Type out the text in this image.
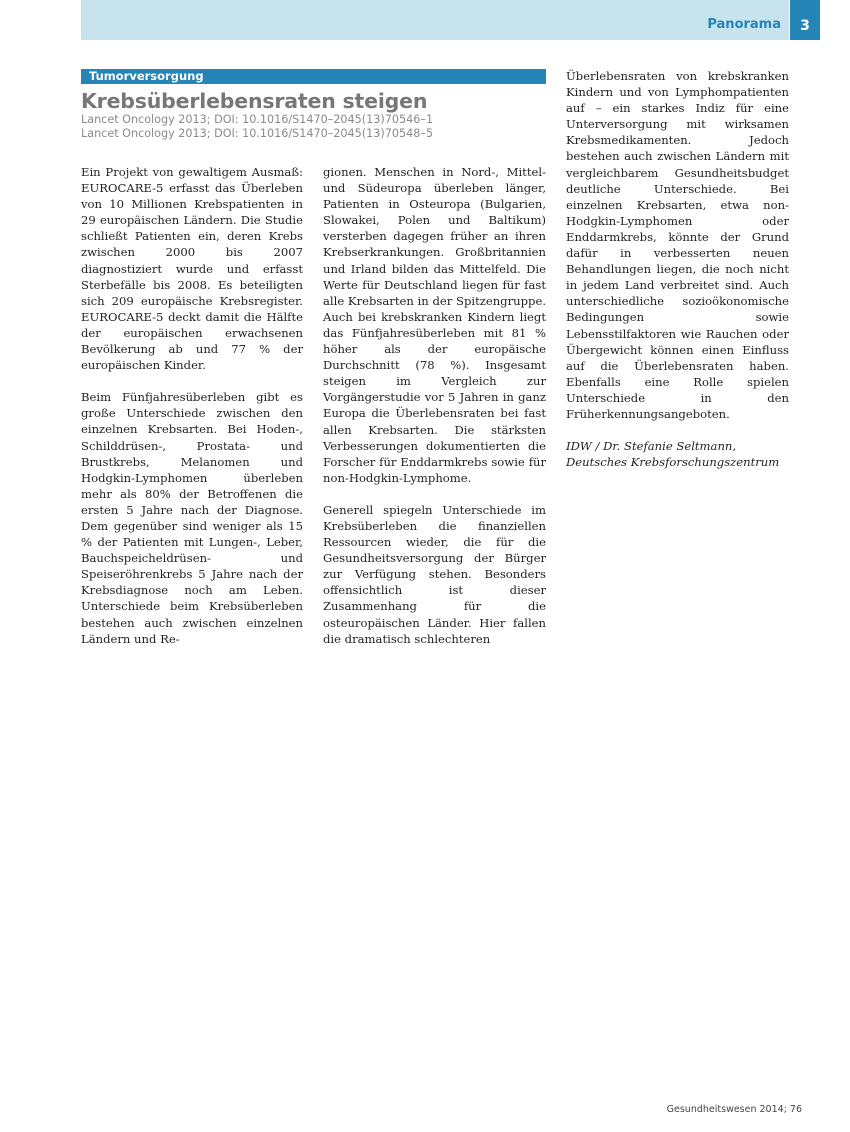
Panorama	3
Tumorversorgung
Krebsüberlebensraten steigen
Lancet Oncology 2013; DOI: 10.1016/S1470–2045(13)70546–1
Lancet Oncology 2013; DOI: 10.1016/S1470–2045(13)70548–5

Ein Projekt von gewaltigem Ausmaß: EUROCARE-5 erfasst das Überleben von 10 Millionen Krebspatienten in 29 europäischen Ländern. Die Studie schließt Patienten ein, deren Krebs zwischen 2000 bis 2007 diagnostiziert wurde und erfasst Sterbefälle bis 2008. Es beteiligten sich 209 europäische Krebsregister. EUROCARE-5 deckt damit die Hälfte der europäischen erwachsenen Bevölkerung ab und 77 % der europäischen Kinder.

Beim Fünfjahresüberleben gibt es große Unterschiede zwischen den einzelnen Krebsarten. Bei Hoden-, Schilddrüsen-, Prostata- und Brustkrebs, Melanomen und Hodgkin-Lymphomen überleben mehr als 80% der Betroffenen die ersten 5 Jahre nach der Diagnose. Dem gegenüber sind weniger als 15 % der Patienten mit Lungen-, Leber, Bauchspeicheldrüsen- und Speiseröhrenkrebs 5 Jahre nach der Krebsdiagnose noch am Leben. Unterschiede beim Krebsüberleben bestehen auch zwischen einzelnen Ländern und Re-

gionen. Menschen in Nord-, Mittel- und Südeuropa überleben länger, Patienten in Osteuropa (Bulgarien, Slowakei, Polen und Baltikum) versterben dagegen früher an ihren Krebserkrankungen. Großbritannien und Irland bilden das Mittelfeld. Die Werte für Deutschland liegen für fast alle Krebsarten in der Spitzengruppe. Auch bei krebskranken Kindern liegt das Fünfjahresüberleben mit 81 % höher als der europäische Durchschnitt (78 %). Insgesamt steigen im Vergleich zur Vorgängerstudie vor 5 Jahren in ganz Europa die Überlebensraten bei fast allen Krebsarten. Die stärksten Verbesserungen dokumentierten die Forscher für Enddarmkrebs sowie für non-Hodgkin-Lymphome.

Generell spiegeln Unterschiede im Krebsüberleben die finanziellen Ressourcen wieder, die für die Gesundheitsversorgung der Bürger zur Verfügung stehen. Besonders offensichtlich ist dieser Zusammenhang für die osteuropäischen Länder. Hier fallen die dramatisch schlechteren

Überlebensraten von krebskranken Kindern und von Lymphompatienten auf – ein starkes Indiz für eine Unterversorgung mit wirksamen Krebsmedikamenten. Jedoch bestehen auch zwischen Ländern mit vergleichbarem Gesundheitsbudget deutliche Unterschiede. Bei einzelnen Krebsarten, etwa non-Hodgkin-Lymphomen oder Enddarmkrebs, könnte der Grund dafür in verbesserten neuen Behandlungen liegen, die noch nicht in jedem Land verbreitet sind. Auch unterschiedliche sozioökonomische Bedingungen sowie Lebensstilfaktoren wie Rauchen oder Übergewicht können einen Einfluss auf die Überlebensraten haben. Ebenfalls eine Rolle spielen Unterschiede in den Früherkennungsangeboten.

IDW / Dr. Stefanie Seltmann, Deutsches Krebsforschungszentrum

Gesundheitswesen 2014; 76
